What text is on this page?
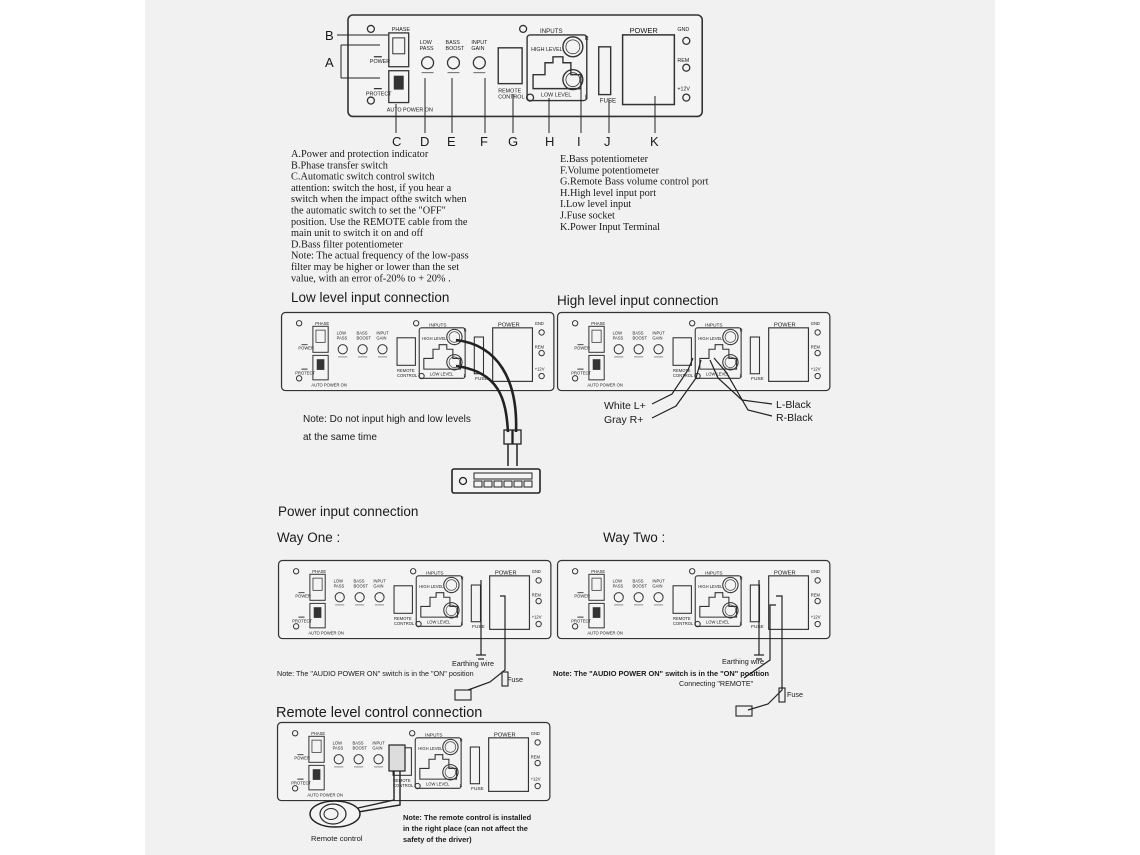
PHASE
POWER
PROTECT
AUTO POWER ON
LOW
PASS
BASS
BOOST
INPUT
GAIN
INPUTS
HIGH LEVEL
LOW LEVEL
REMOTE
CONTROL	FUSE
POWER	GND
REM
+12V
R
L
B
A
C D E F G H I J	K
A.Power and protection indicator
B.Phase transfer switch
C.Automatic switch control switch
attention: switch the host, if you hear a
switch when the impact ofthe switch when
the automatic switch to set the "OFF"
position. Use the REMOTE cable from the
main unit to switch it on and off
D.Bass filter potentiometer
Note: The actual frequency of the low-pass
filter may be higher or lower than the set
value, with an error of-20% to + 20% .
E.Bass potentiometer
F.Volume potentiometer
G.Remote Bass volume control port
H.High level input port
I.Low level input
J.Fuse socket
K.Power Input Terminal
Low level input connection
PHASE
POWER
PROTECT
AUTO POWER ON
LOW
PASS
BASS
BOOST
INPUT
GAIN
INPUTS
HIGH LEVEL
LOW LEVEL
REMOTE
CONTROL
FUSE
POWER	GND
REM
+12V
R
L
Note: Do not input high and low levels
at the same time
High level input connection
PHASE
POWER
PROTECT
AUTO POWER ON
LOW
PASS
BASS
BOOST
INPUT
GAIN
INPUTS
HIGH LEVEL
LOW LEVEL
REMOTE
CONTROL
FUSE
POWER	GND
REM
+12V
R
L
White L+
Gray R+
L-Black
R-Black
Power input connection
Way One :	Way Two :
PHASE
POWER
PROTECT
AUTO POWER ON
LOW
PASS
BASS
BOOST
INPUT
GAIN
INPUTS
HIGH LEVEL
LOW LEVEL
REMOTE
CONTROL
FUSE
POWER	GND
REM
+12V
R
L
Earthing wire
Fuse
Note: The "AUDIO POWER ON" switch is in the "ON" position
PHASE
POWER
PROTECT
AUTO POWER ON
LOW
PASS
BASS
BOOST
INPUT
GAIN
INPUTS
HIGH LEVEL
LOW LEVEL
REMOTE
CONTROL
FUSE
POWER	GND
REM
+12V
R
L
Earthing wire
Fuse
Note: The "AUDIO POWER ON" switch is in the "ON" position
Connecting "REMOTE"
Remote level control connection
PHASE
POWER
PROTECT
AUTO POWER ON
LOW
PASS
BASS
BOOST
INPUT
GAIN
INPUTS
HIGH LEVEL
LOW LEVEL
REMOTE
CONTROL
FUSE
POWER	GND
REM
+12V
R
L
Remote control
Note: The remote control is installed
in the right place (can not affect the
safety of the driver)
